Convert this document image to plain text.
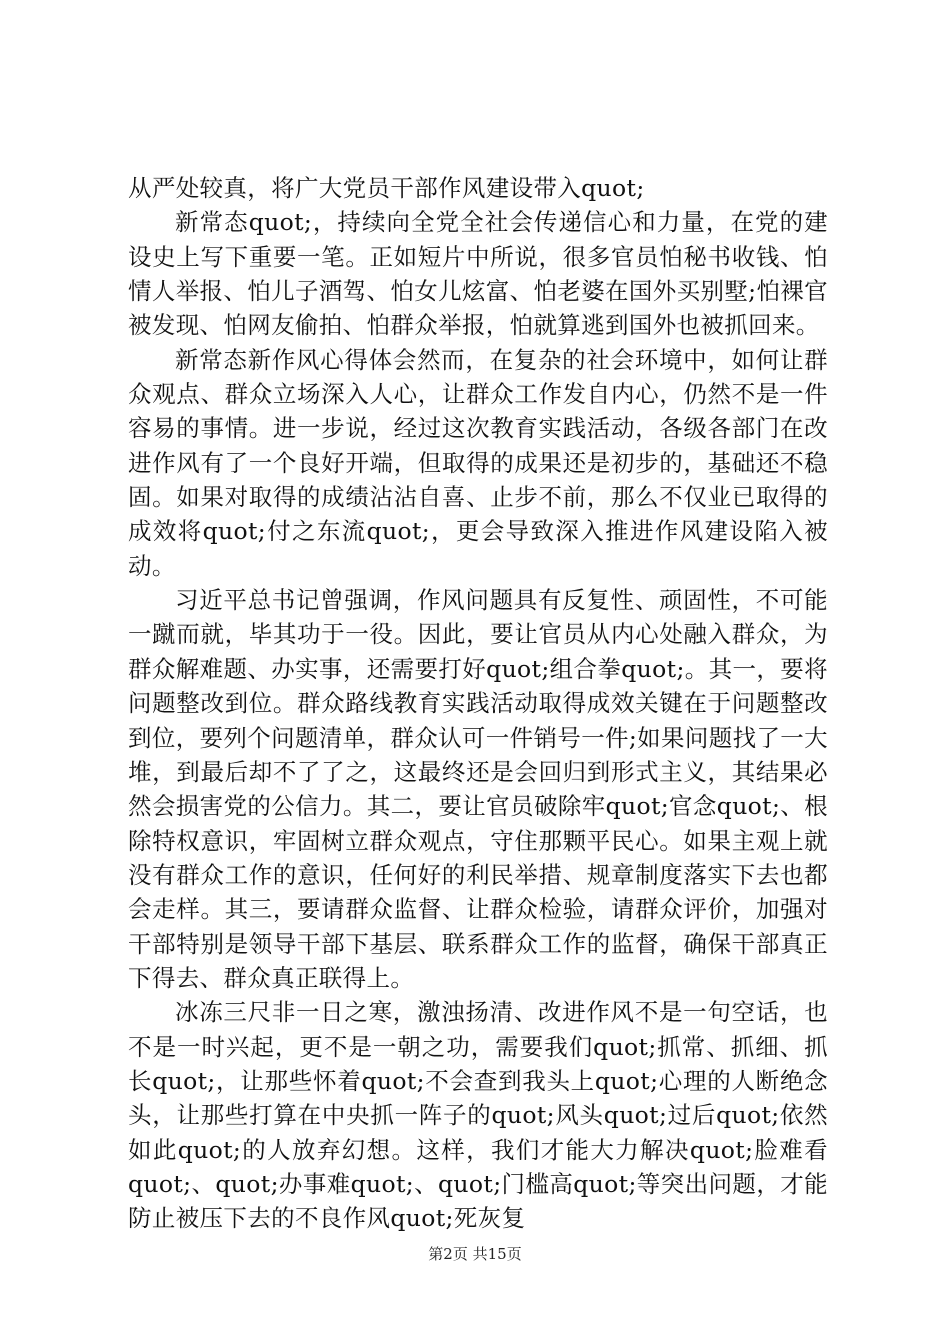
从严处较真，将广大党员干部作风建设带入quot;

新常态quot;，持续向全党全社会传递信心和力量，在党的建设史上写下重要一笔。正如短片中所说，很多官员怕秘书收钱、怕情人举报、怕儿子酒驾、怕女儿炫富、怕老婆在国外买别墅;怕裸官被发现、怕网友偷拍、怕群众举报，怕就算逃到国外也被抓回来。

新常态新作风心得体会然而，在复杂的社会环境中，如何让群众观点、群众立场深入人心，让群众工作发自内心，仍然不是一件容易的事情。进一步说，经过这次教育实践活动，各级各部门在改进作风有了一个良好开端，但取得的成果还是初步的，基础还不稳固。如果对取得的成绩沾沾自喜、止步不前，那么不仅业已取得的成效将quot;付之东流quot;，更会导致深入推进作风建设陷入被动。

习近平总书记曾强调，作风问题具有反复性、顽固性，不可能一蹴而就，毕其功于一役。因此，要让官员从内心处融入群众，为群众解难题、办实事，还需要打好quot;组合拳quot;。其一，要将问题整改到位。群众路线教育实践活动取得成效关键在于问题整改到位，要列个问题清单，群众认可一件销号一件;如果问题找了一大堆，到最后却不了了之，这最终还是会回归到形式主义，其结果必然会损害党的公信力。其二，要让官员破除牢quot;官念quot;、根除特权意识，牢固树立群众观点，守住那颗平民心。如果主观上就没有群众工作的意识，任何好的利民举措、规章制度落实下去也都会走样。其三，要请群众监督、让群众检验，请群众评价，加强对干部特别是领导干部下基层、联系群众工作的监督，确保干部真正下得去、群众真正联得上。

冰冻三尺非一日之寒，激浊扬清、改进作风不是一句空话，也不是一时兴起，更不是一朝之功，需要我们quot;抓常、抓细、抓长quot;，让那些怀着quot;不会查到我头上quot;心理的人断绝念头，让那些打算在中央抓一阵子的quot;风头quot;过后quot;依然如此quot;的人放弃幻想。这样，我们才能大力解决quot;脸难看quot;、quot;办事难quot;、quot;门槛高quot;等突出问题，才能防止被压下去的不良作风quot;死灰复

第2页 共15页
